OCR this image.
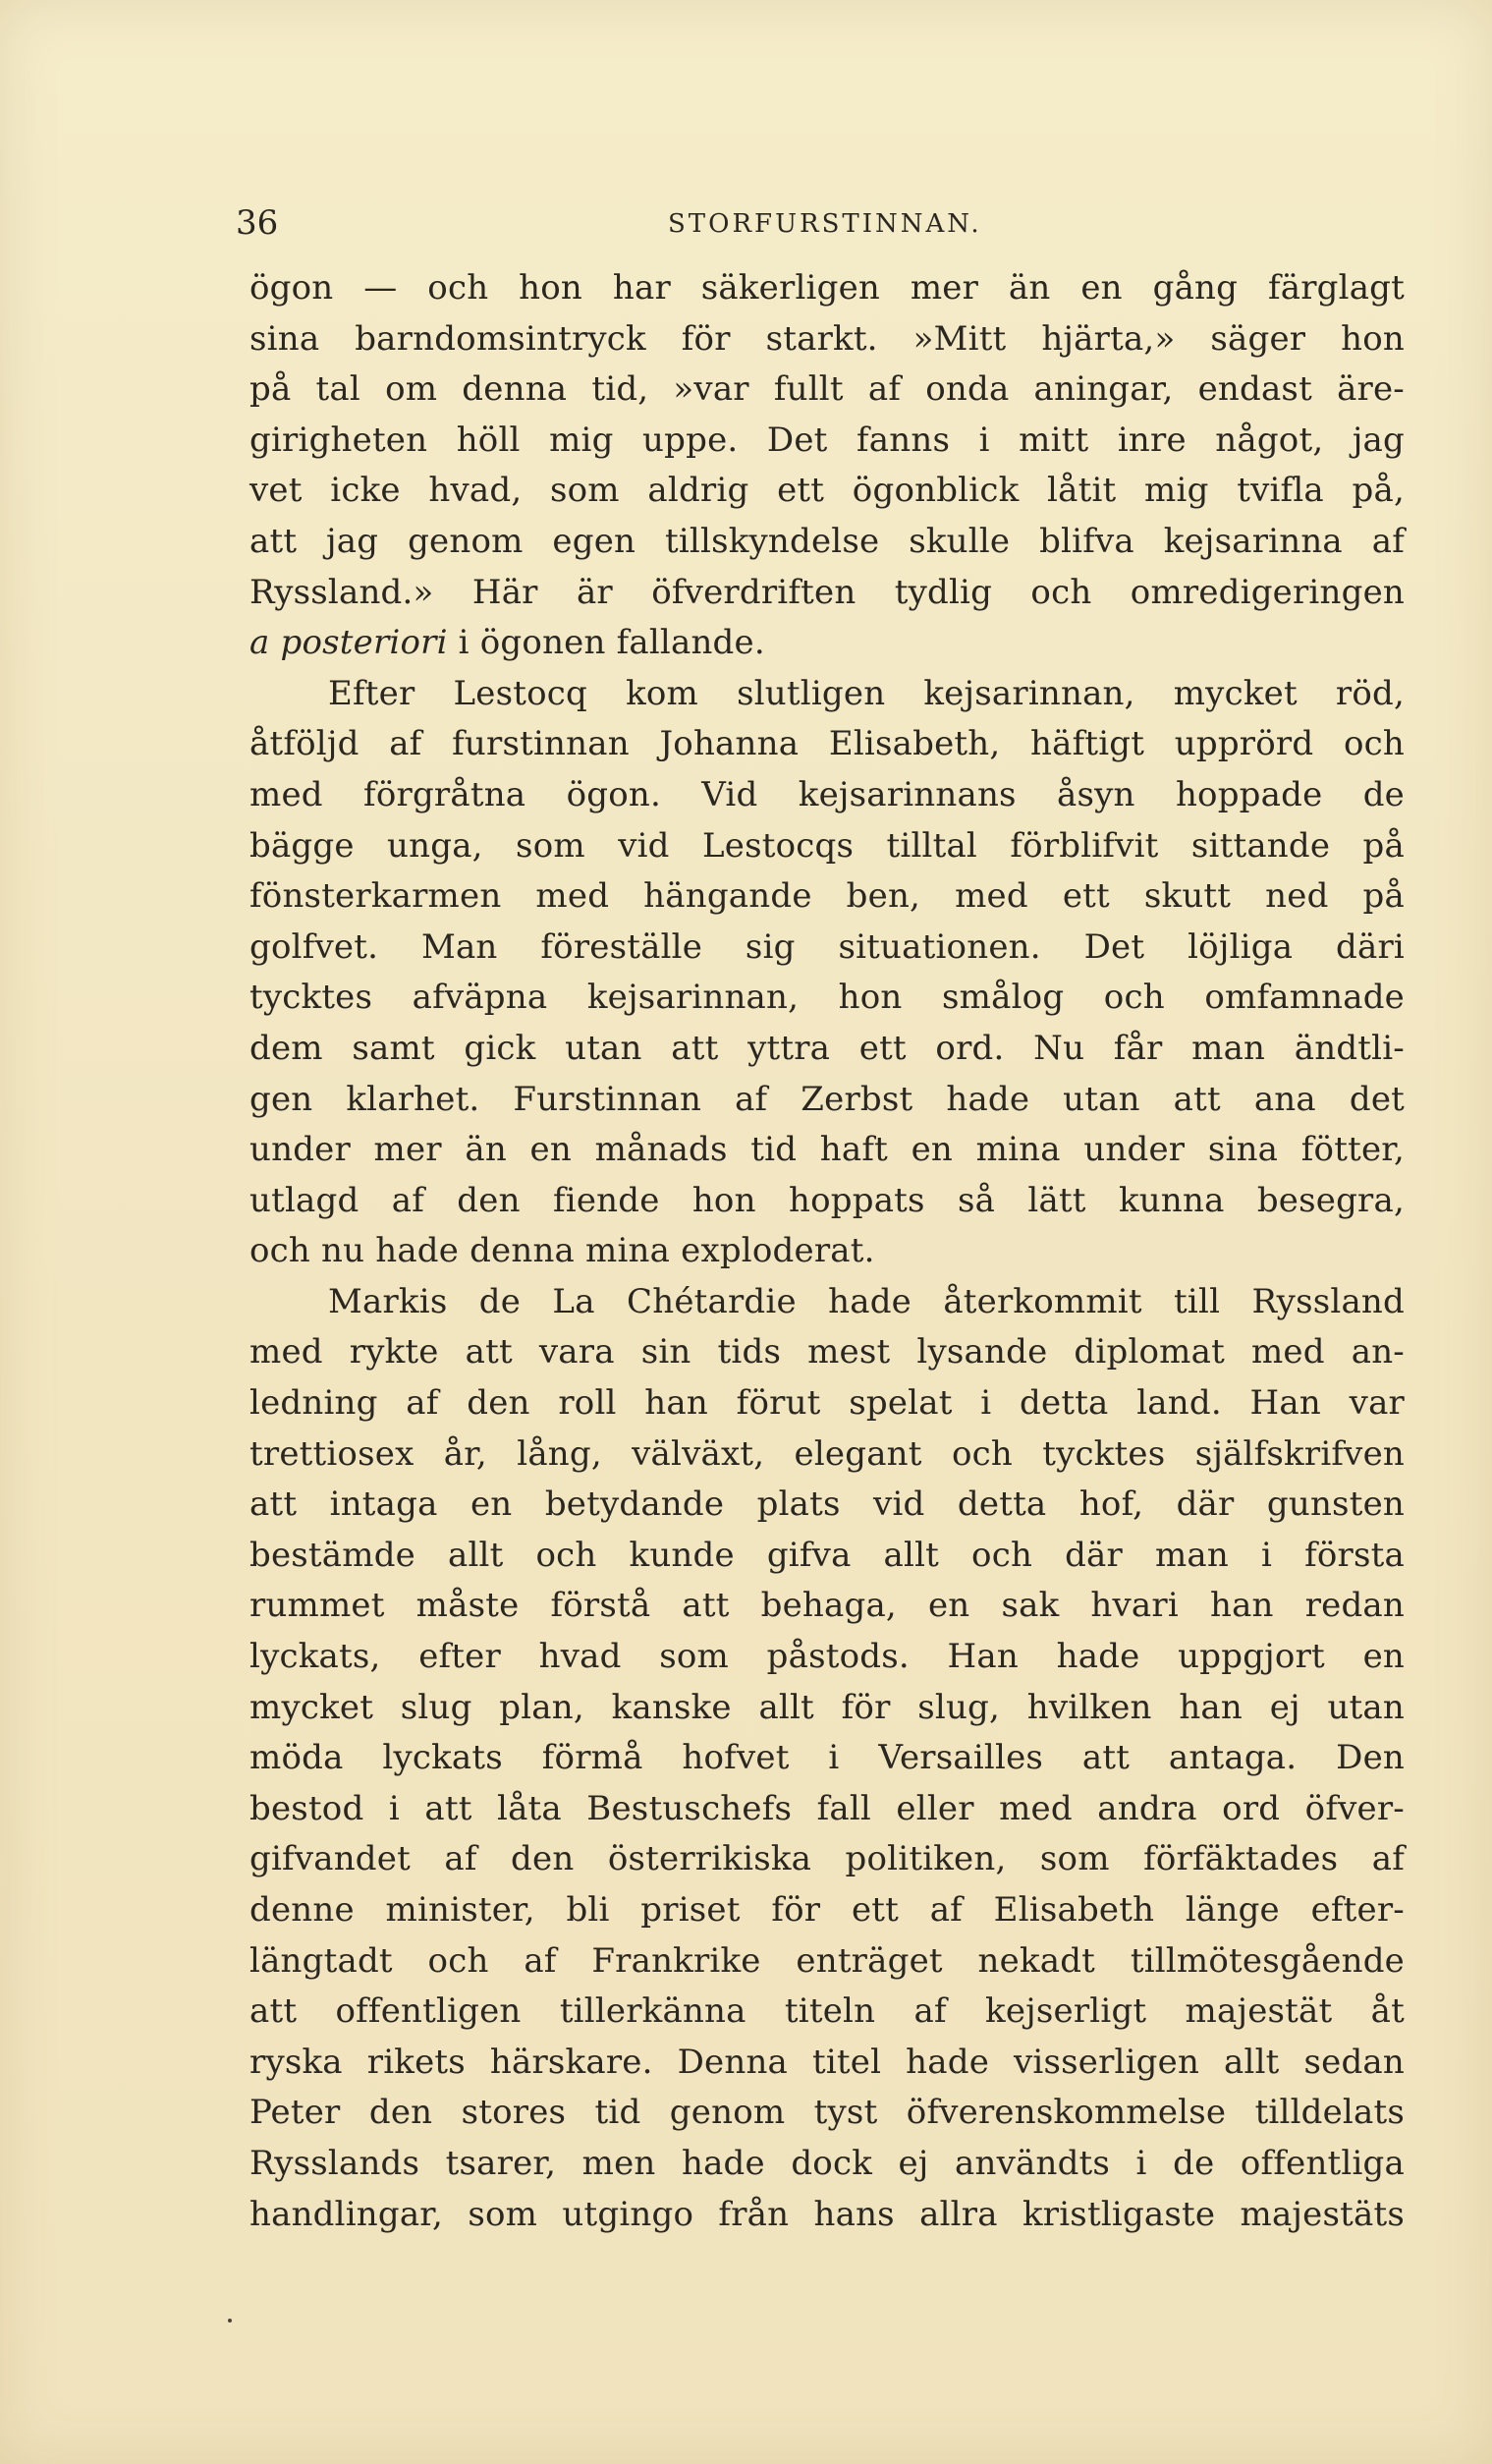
36	STORFURSTINNAN.
ögon — och hon har säkerligen mer än en gång färglagt
sina barndomsintryck för starkt. »Mitt hjärta,» säger hon
på tal om denna tid, »var fullt af onda aningar, endast äre-
girigheten höll mig uppe. Det fanns i mitt inre något, jag
vet icke hvad, som aldrig ett ögonblick låtit mig tvifla på,
att jag genom egen tillskyndelse skulle blifva kejsarinna af
Ryssland.» Här är öfverdriften tydlig och omredigeringen
a posteriori i ögonen fallande.
Efter Lestocq kom slutligen kejsarinnan, mycket röd,
åtföljd af furstinnan Johanna Elisabeth, häftigt upprörd och
med förgråtna ögon. Vid kejsarinnans åsyn hoppade de
bägge unga, som vid Lestocqs tilltal förblifvit sittande på
fönsterkarmen med hängande ben, med ett skutt ned på
golfvet. Man föreställe sig situationen. Det löjliga däri
tycktes afväpna kejsarinnan, hon smålog och omfamnade
dem samt gick utan att yttra ett ord. Nu får man ändtli-
gen klarhet. Furstinnan af Zerbst hade utan att ana det
under mer än en månads tid haft en mina under sina fötter,
utlagd af den fiende hon hoppats så lätt kunna besegra,
och nu hade denna mina exploderat.
Markis de La Chétardie hade återkommit till Ryssland
med rykte att vara sin tids mest lysande diplomat med an-
ledning af den roll han förut spelat i detta land. Han var
trettiosex år, lång, välväxt, elegant och tycktes själfskrifven
att intaga en betydande plats vid detta hof, där gunsten
bestämde allt och kunde gifva allt och där man i första
rummet måste förstå att behaga, en sak hvari han redan
lyckats, efter hvad som påstods. Han hade uppgjort en
mycket slug plan, kanske allt för slug, hvilken han ej utan
möda lyckats förmå hofvet i Versailles att antaga. Den
bestod i att låta Bestuschefs fall eller med andra ord öfver-
gifvandet af den österrikiska politiken, som förfäktades af
denne minister, bli priset för ett af Elisabeth länge efter-
längtadt och af Frankrike enträget nekadt tillmötesgående
att offentligen tillerkänna titeln af kejserligt majestät åt
ryska rikets härskare. Denna titel hade visserligen allt sedan
Peter den stores tid genom tyst öfverenskommelse tilldelats
Rysslands tsarer, men hade dock ej användts i de offentliga
handlingar, som utgingo från hans allra kristligaste majestäts
